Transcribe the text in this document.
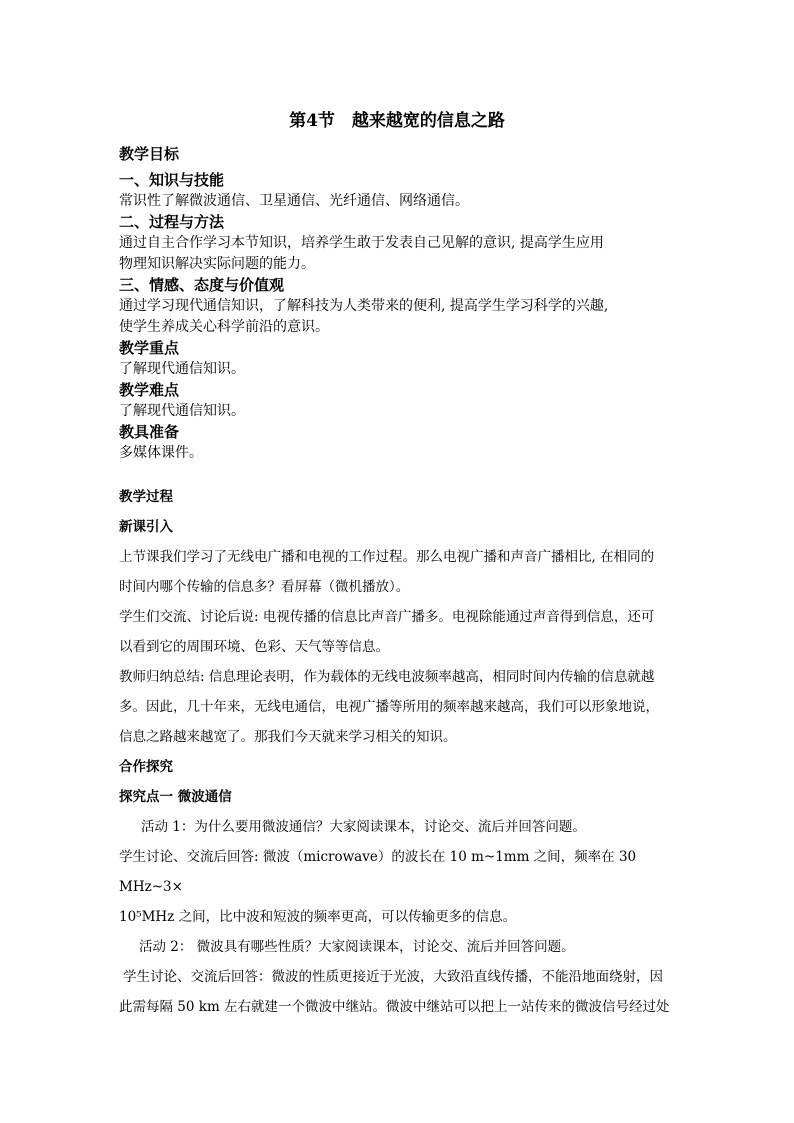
第4节　越来越宽的信息之路
教学目标
一、知识与技能
常识性了解微波通信、卫星通信、光纤通信、网络通信。
二、过程与方法
通过自主合作学习本节知识，培养学生敢于发表自己见解的意识, 提高学生应用
物理知识解决实际问题的能力。
三、情感、态度与价值观
通过学习现代通信知识，了解科技为人类带来的便利, 提高学生学习科学的兴趣,
使学生养成关心科学前沿的意识。
教学重点
了解现代通信知识。
教学难点
了解现代通信知识。
教具准备
多媒体课件。
教学过程
新课引入
上节课我们学习了无线电广播和电视的工作过程。那么电视广播和声音广播相比, 在相同的
时间内哪个传输的信息多？看屏幕（微机播放）。
学生们交流、讨论后说: 电视传播的信息比声音广播多。电视除能通过声音得到信息，还可
以看到它的周围环境、色彩、天气等等信息。
教师归纳总结: 信息理论表明，作为载体的无线电波频率越高，相同时间内传输的信息就越
多。因此，几十年来，无线电通信，电视广播等所用的频率越来越高，我们可以形象地说，
信息之路越来越宽了。那我们今天就来学习相关的知识。
合作探究
探究点一 微波通信
活动 1：为什么要用微波通信？大家阅读课本，讨论交、流后并回答问题。
学生讨论、交流后回答: 微波（microwave）的波长在 10 m~1mm 之间，频率在 30 MHz~3×
10⁵MHz 之间，比中波和短波的频率更高，可以传输更多的信息。
活动 2： 微波具有哪些性质？大家阅读课本，讨论交、流后并回答问题。
学生讨论、交流后回答：微波的性质更接近于光波，大致沿直线传播，不能沿地面绕射，因
此需每隔 50 km 左右就建一个微波中继站。微波中继站可以把上一站传来的微波信号经过处
